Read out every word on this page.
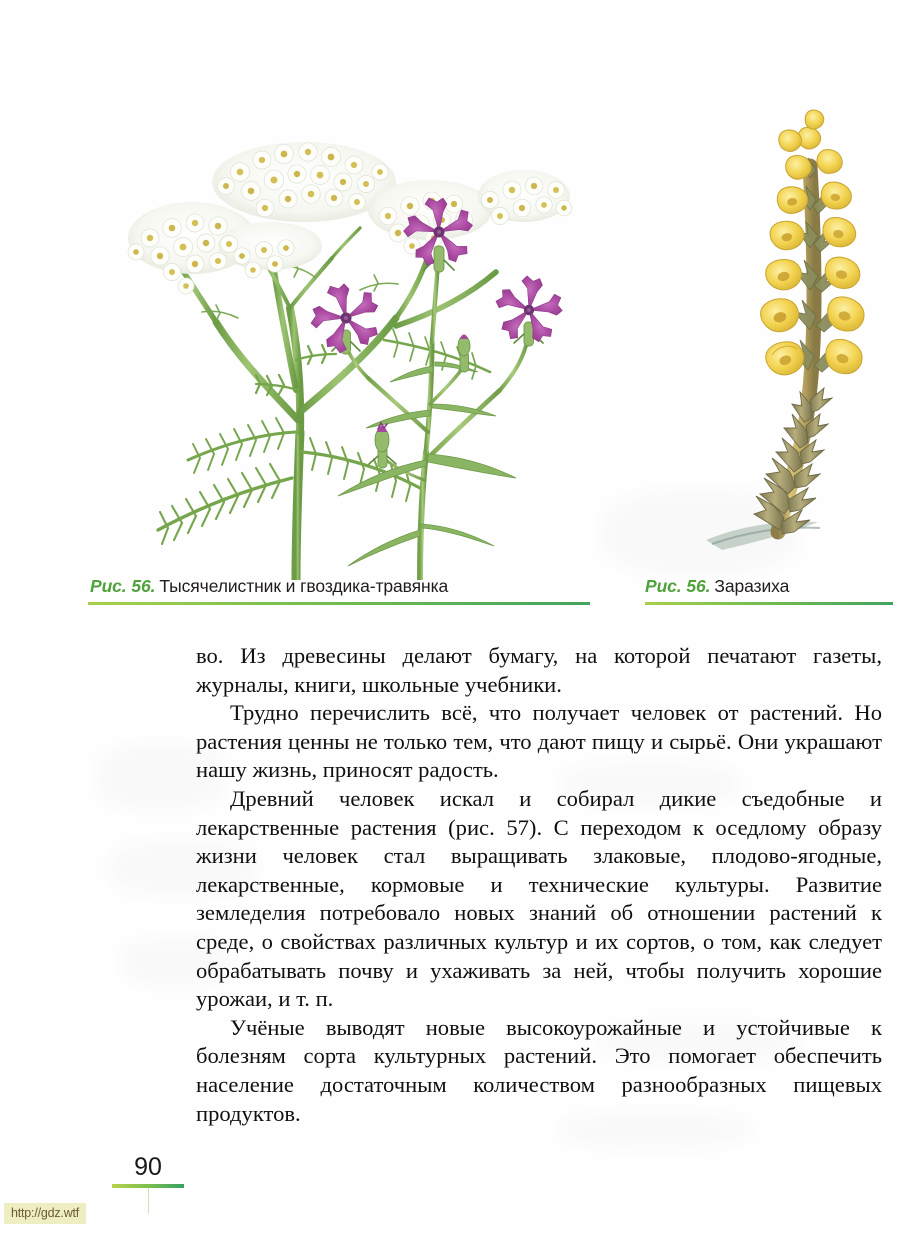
Рис. 56. Тысячелистник и гвоздика-травянка	Рис. 56. Заразиха

во. Из древесины делают бумагу, на которой печатают газеты, журналы, книги, школьные учебники.

Трудно перечислить всё, что получает человек от растений. Но растения ценны не только тем, что дают пищу и сырьё. Они украшают нашу жизнь, приносят радость.

Древний человек искал и собирал дикие съедобные и лекарственные растения (рис. 57). С переходом к оседлому образу жизни человек стал выращивать злаковые, плодово-ягодные, лекарственные, кормовые и технические культуры. Развитие земледелия потребовало новых знаний об отношении растений к среде, о свойствах различных культур и их сортов, о том, как следует обрабатывать почву и ухаживать за ней, чтобы получить хорошие урожаи, и т. п.

Учёные выводят новые высокоурожайные и устойчивые к болезням сорта культурных растений. Это помогает обеспечить население достаточным количеством разнообразных пищевых продуктов.

90
http://gdz.wtf
